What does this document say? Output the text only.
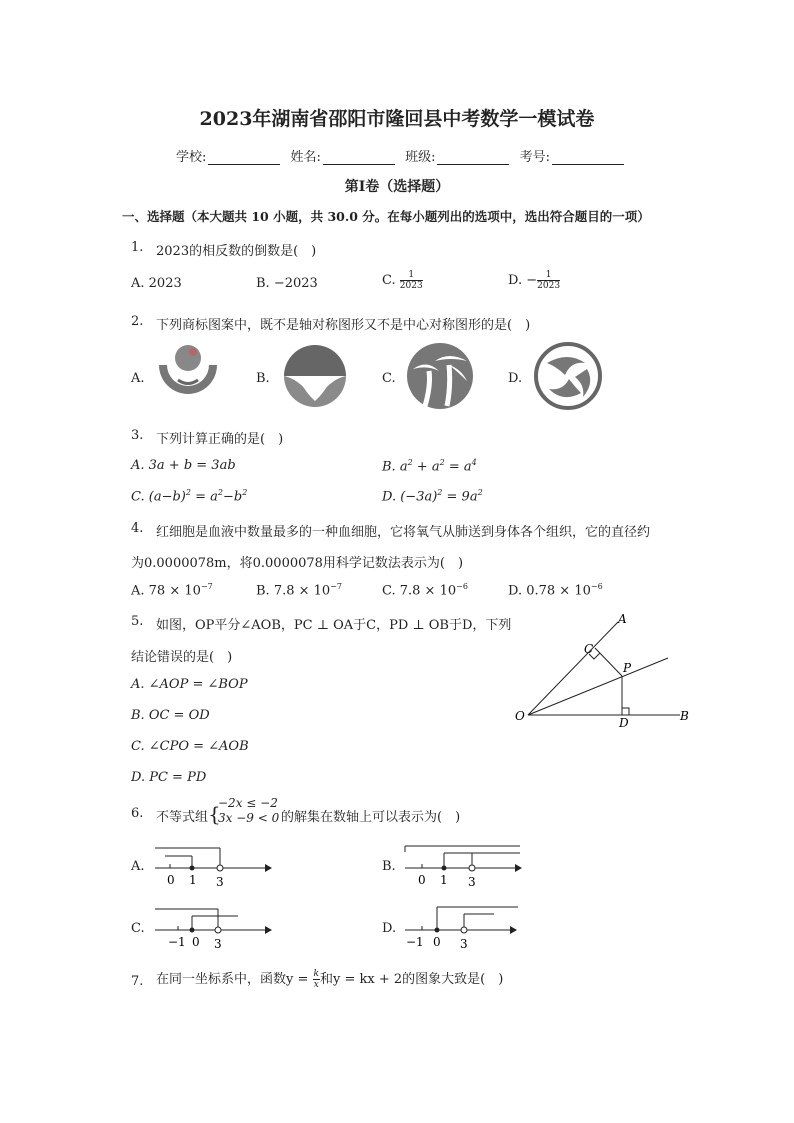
2023年湖南省邵阳市隆回县中考数学一模试卷
学校:	姓名:	班级:	考号:
第I卷（选择题）
一、选择题（本大题共 10 小题，共 30.0 分。在每小题列出的选项中，选出符合题目的一项）
1. 2023的相反数的倒数是(　)
A. 2023	B. −2023	C. $\frac{1}{2023}$	D. − $\frac{1}{2023}$
2. 下列商标图案中，既不是轴对称图形又不是中心对称图形的是(　)
A.	B.	C.	D.
3. 下列计算正确的是(　)
A. 3a + b = 3ab	B. $a^2 + a^2 = a^4$
C. $(a-b)^2 = a^2-b^2$	D. $(-3a)^2 = 9a^2$
4. 红细胞是血液中数量最多的一种血细胞，它将氧气从肺送到身体各个组织，它的直径约
为0.0000078m，将0.0000078用科学记数法表示为(　)
A. $78 \times 10^{-7}$	B. $7.8 \times 10^{-7}$	C. $7.8 \times 10^{-6}$	D. $0.78 \times 10^{-6}$
5. 如图，OP平分∠AOB，PC ⊥ OA于C，PD ⊥ OB于D，下列
结论错误的是(　)
A. ∠AOP = ∠BOP
B. OC = OD
C. ∠CPO = ∠AOB
D. PC = PD
A
B
C
D
O
P
6. 不等式组 {
−2x ≤ −2
3x −9 < 0 的解集在数轴上可以表示为(　)
A.
0 1 3
B.
0 1 3
C.
−1 0 3
D.
−1 0 3
7. 在同一坐标系中，函数$y = \frac{k}{x}$ 和y = kx + 2的图象大致是(　)
